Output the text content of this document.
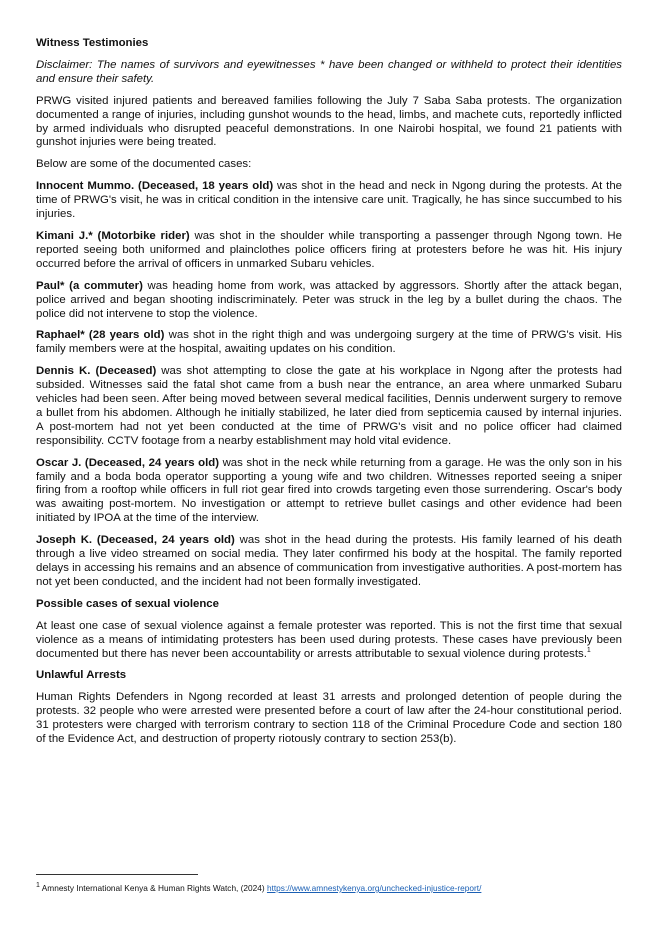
Witness Testimonies

Disclaimer: The names of survivors and eyewitnesses * have been changed or withheld to protect their identities and ensure their safety.

PRWG visited injured patients and bereaved families following the July 7 Saba Saba protests. The organization documented a range of injuries, including gunshot wounds to the head, limbs, and machete cuts, reportedly inflicted by armed individuals who disrupted peaceful demonstrations. In one Nairobi hospital, we found 21 patients with gunshot injuries were being treated.

Below are some of the documented cases:

Innocent Mummo. (Deceased, 18 years old) was shot in the head and neck in Ngong during the protests. At the time of PRWG's visit, he was in critical condition in the intensive care unit. Tragically, he has since succumbed to his injuries.

Kimani J.* (Motorbike rider) was shot in the shoulder while transporting a passenger through Ngong town. He reported seeing both uniformed and plainclothes police officers firing at protesters before he was hit. His injury occurred before the arrival of officers in unmarked Subaru vehicles.

Paul* (a commuter) was heading home from work, was attacked by aggressors. Shortly after the attack began, police arrived and began shooting indiscriminately. Peter was struck in the leg by a bullet during the chaos. The police did not intervene to stop the violence.

Raphael* (28 years old) was shot in the right thigh and was undergoing surgery at the time of PRWG's visit. His family members were at the hospital, awaiting updates on his condition.

Dennis K. (Deceased) was shot attempting to close the gate at his workplace in Ngong after the protests had subsided. Witnesses said the fatal shot came from a bush near the entrance, an area where unmarked Subaru vehicles had been seen. After being moved between several medical facilities, Dennis underwent surgery to remove a bullet from his abdomen. Although he initially stabilized, he later died from septicemia caused by internal injuries. A post-mortem had not yet been conducted at the time of PRWG's visit and no police officer had claimed responsibility. CCTV footage from a nearby establishment may hold vital evidence.

Oscar J. (Deceased, 24 years old) was shot in the neck while returning from a garage. He was the only son in his family and a boda boda operator supporting a young wife and two children. Witnesses reported seeing a sniper firing from a rooftop while officers in full riot gear fired into crowds targeting even those surrendering. Oscar's body was awaiting post-mortem. No investigation or attempt to retrieve bullet casings and other evidence had been initiated by IPOA at the time of the interview.

Joseph K. (Deceased, 24 years old) was shot in the head during the protests. His family learned of his death through a live video streamed on social media. They later confirmed his body at the hospital. The family reported delays in accessing his remains and an absence of communication from investigative authorities. A post-mortem has not yet been conducted, and the incident had not been formally investigated.

Possible cases of sexual violence

At least one case of sexual violence against a female protester was reported. This is not the first time that sexual violence as a means of intimidating protesters has been used during protests. These cases have previously been documented but there has never been accountability or arrests attributable to sexual violence during protests.$^1$

Unlawful Arrests

Human Rights Defenders in Ngong recorded at least 31 arrests and prolonged detention of people during the protests. 32 people who were arrested were presented before a court of law after the 24-hour constitutional period. 31 protesters were charged with terrorism contrary to section 118 of the Criminal Procedure Code and section 180 of the Evidence Act, and destruction of property riotously contrary to section 253(b).

$^1$ Amnesty International Kenya & Human Rights Watch, (2024) https://www.amnestykenya.org/unchecked-injustice-report/
